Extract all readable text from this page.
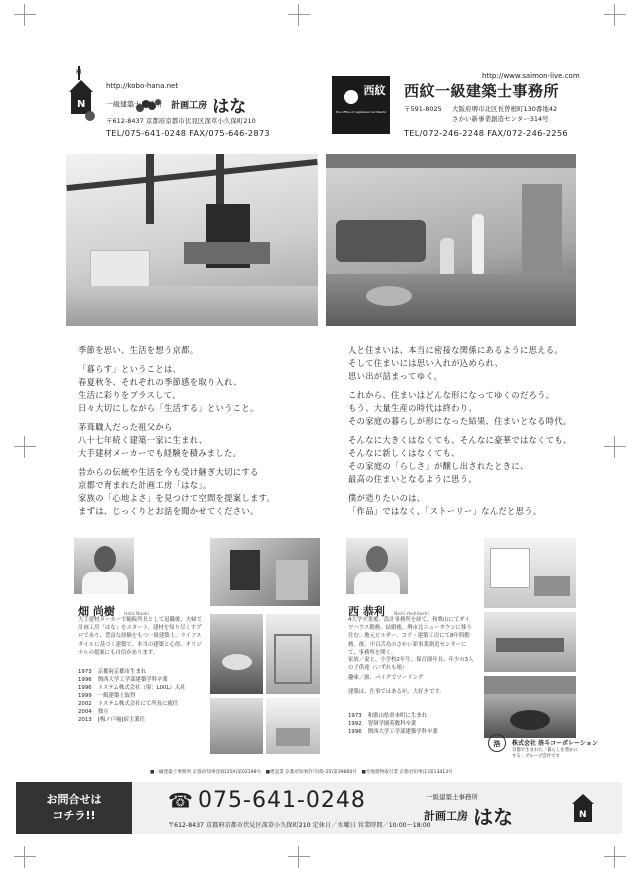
H
N
http://kobo-hana.net
一級建築士事務所 計画工房 はな
〒612-8437 京都府京都市伏見区深草小久保町210
TEL/075-641-0248 FAX/075-646-2873
http://www.saimon-live.com
西紋
the office of registered architects
西紋一級建築士事務所
〒591-8025 大阪府堺市北区長曽根町130番地42
さかい新事業創造センター314号
TEL/072-246-2248 FAX/072-246-2256

季節を思い、生活を想う京都。

「暮らす」ということは、
春夏秋冬、それぞれの季節感を取り入れ、
生活に彩りをプラスして、
日々大切にしながら「生活する」ということ。

茅葺職人だった祖父から
八十七年続く建築一家に生まれ、
大手建材メーカーでも経験を積みました。

昔からの伝統や生活を今も受け継ぎ大切にする
京都で育まれた計画工房「はな」。
家族の「心地よさ」を見つけて空間を提案します。
まずは、じっくりとお話を聞かせてください。

人と住まいは、本当に密接な関係にあるように思える。
そして住まいには思い入れが込められ、
思い出が詰まってゆく。

これから、住まいはどんな形になってゆくのだろう。
もう、大量生産の時代は終わり、
その家庭の暮らしが形になった結果、住まいとなる時代。

そんなに大きくはなくても、そんなに豪華ではなくても、
そんなに新しくはなくても、
その家庭の「らしさ」が醸し出されたときに、
最高の住まいとなるように思う。

僕が造りたいのは、
「作品」ではなく、「ストーリー」なんだと思う。

畑 尚樹 Hata Naoki
大手建材メーカーで輸販所長として退職後、夫婦で計画工房「はな」をスタート。建材を知り尽くすプロであり、豊富な経験をもつ一級建築士。ライフスタイルに基づく建築で、本当の建築と心得、オリジナルの提案にも自信があります。
1973	京都府京都市生まれ
1996	関西大学工学部建築学科卒業
1996	トステム株式会社（現：LIXIL）入社
1999	一級建築士取得
2002	トステム株式会社にて所長に就任
2004	独立
2013	[梅ノ戸庵]宿主業任
西 恭利 Nishi Yoshitoshi
4大学卒業後、設計事務所を経て、和歌山にてダイワハウス勤務。結婚後、堺市北ニュータウンに移り住む。地元ビルダー、コア・建築工房にて8年間勤務。後、中百舌鳥のさかい新事業創造センターにて、事務所を開く。
家族／妻と、小学校2年生、保育園年長、年少の3人の子供達（いずれも娘）
趣味／旅、バイクでツーリング
建築は、仕事ではあるが、大好きです。
1973	和歌山県串本町に生まれ
1992	智辯学園英数科卒業
1996	関西大学工学部建築学科卒業
■一級建築士事務所 京都府知事登録(25A)第02198号　■建設業 京都府知事許可(般-25)第39860号　■宅地建物取引業 京都府知事(1)第13413号
洛	株式会社 洛斗コーポレーション
京都で生まれた「暮らしを豊かにする」グループ会社です
お問合せは
コチラ!!
☎ 075-641-0248
〒612-8437 京都府京都市伏見区深草小久保町210 定休日／水曜日 営業時間／10:00〜18:00
一級建築士事務所
計画工房 はな	N
